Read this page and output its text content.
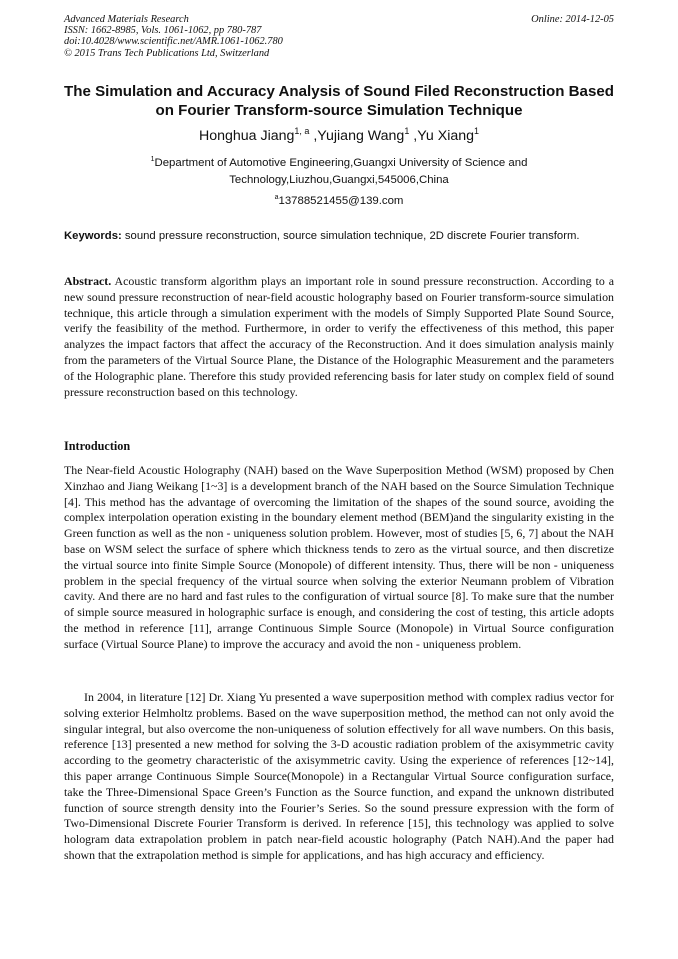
Advanced Materials Research
ISSN: 1662-8985, Vols. 1061-1062, pp 780-787
doi:10.4028/www.scientific.net/AMR.1061-1062.780
© 2015 Trans Tech Publications Ltd, Switzerland
Online: 2014-12-05
The Simulation and Accuracy Analysis of Sound Filed Reconstruction Based on Fourier Transform-source Simulation Technique
Honghua Jiang$^{1, a}$ ,Yujiang Wang$^1$ ,Yu Xiang$^1$
$^1$Department of Automotive Engineering,Guangxi University of Science and Technology,Liuzhou,Guangxi,545006,China
$^a$13788521455@139.com
Keywords: sound pressure reconstruction, source simulation technique, 2D discrete Fourier transform.
Abstract. Acoustic transform algorithm plays an important role in sound pressure reconstruction. According to a new sound pressure reconstruction of near-field acoustic holography based on Fourier transform-source simulation technique, this article through a simulation experiment with the models of Simply Supported Plate Sound Source, verify the feasibility of the method. Furthermore, in order to verify the effectiveness of this method, this paper analyzes the impact factors that affect the accuracy of the Reconstruction. And it does simulation analysis mainly from the parameters of the Virtual Source Plane, the Distance of the Holographic Measurement and the parameters of the Holographic plane. Therefore this study provided referencing basis for later study on complex field of sound pressure reconstruction based on this technology.
Introduction
The Near-field Acoustic Holography (NAH) based on the Wave Superposition Method (WSM) proposed by Chen Xinzhao and Jiang Weikang [1~3] is a development branch of the NAH based on the Source Simulation Technique [4]. This method has the advantage of overcoming the limitation of the shapes of the sound source, avoiding the complex interpolation operation existing in the boundary element method (BEM)and the singularity existing in the Green function as well as the non - uniqueness solution problem. However, most of studies [5, 6, 7] about the NAH base on WSM select the surface of sphere which thickness tends to zero as the virtual source, and then discretize the virtual source into finite Simple Source (Monopole) of different intensity. Thus, there will be non - uniqueness problem in the special frequency of the virtual source when solving the exterior Neumann problem of Vibration cavity. And there are no hard and fast rules to the configuration of virtual source [8]. To make sure that the number of simple source measured in holographic surface is enough, and considering the cost of testing, this article adopts the method in reference [11], arrange Continuous Simple Source (Monopole) in Virtual Source configuration surface (Virtual Source Plane) to improve the accuracy and avoid the non - uniqueness problem.
In 2004, in literature [12] Dr. Xiang Yu presented a wave superposition method with complex radius vector for solving exterior Helmholtz problems. Based on the wave superposition method, the method can not only avoid the singular integral, but also overcome the non-uniqueness of solution effectively for all wave numbers. On this basis, reference [13] presented a new method for solving the 3-D acoustic radiation problem of the axisymmetric cavity according to the geometry characteristic of the axisymmetric cavity. Using the experience of references [12~14], this paper arrange Continuous Simple Source(Monopole) in a Rectangular Virtual Source configuration surface, take the Three-Dimensional Space Green’s Function as the Source function, and expand the unknown distributed function of source strength density into the Fourier’s Series. So the sound pressure expression with the form of Two-Dimensional Discrete Fourier Transform is derived. In reference [15], this technology was applied to solve hologram data extrapolation problem in patch near-field acoustic holography (Patch NAH).And the paper had shown that the extrapolation method is simple for applications, and has high accuracy and efficiency.
